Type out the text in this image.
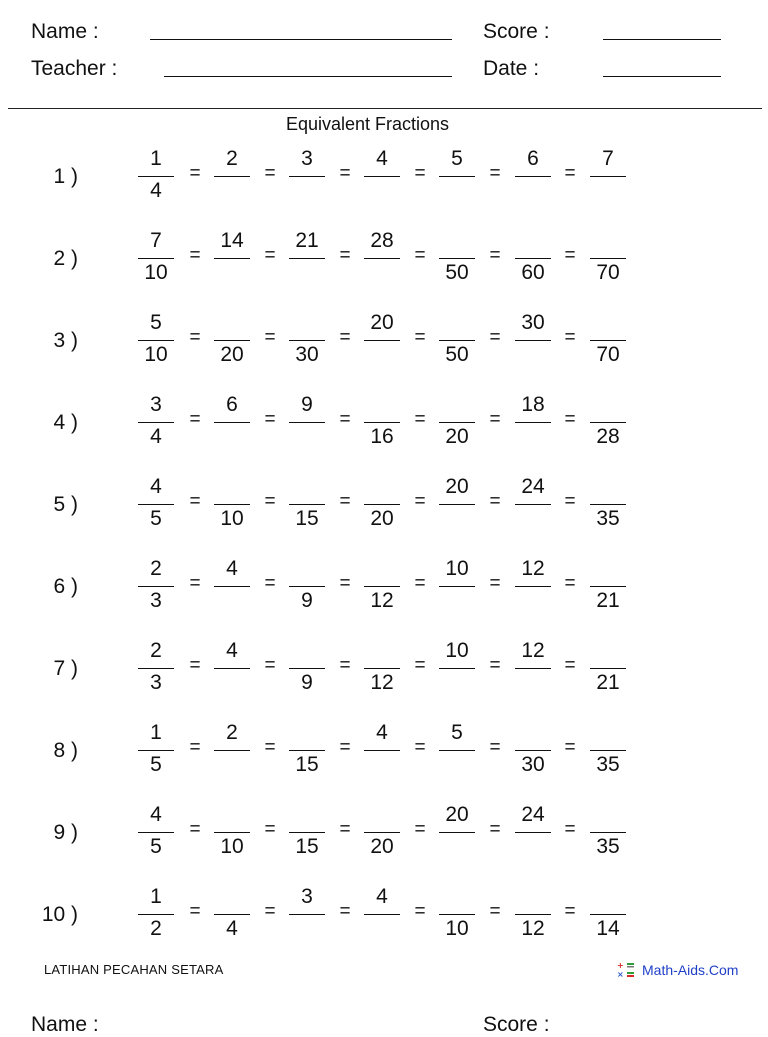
Name :
Teacher :
Score :
Date :
Equivalent Fractions
1 )
1
4
=
2
=
3
=
4
=
5
=
6
=
7
2 )
7
10
=
14
=
21
=
28
=
50
=
60
=
70
3 )
5
10
=
20
=
30
=
20
=
50
=
30
=
70
4 )
3
4
=
6
=
9
=
16
=
20
=
18
=
28
5 )
4
5
=
10
=
15
=
20
=
20
=
24
=
35
6 )
2
3
=
4
=
9
=
12
=
10
=
12
=
21
7 )
2
3
=
4
=
9
=
12
=
10
=
12
=
21
8 )
1
5
=
2
=
15
=
4
=
5
=
30
=
35
9 )
4
5
=
10
=
15
=
20
=
20
=
24
=
35
10 )
1
2
=
4
=
3
=
4
=
10
=
12
=
14
LATIHAN PECAHAN SETARA	+
× Math-Aids.Com
Name :	Score :
